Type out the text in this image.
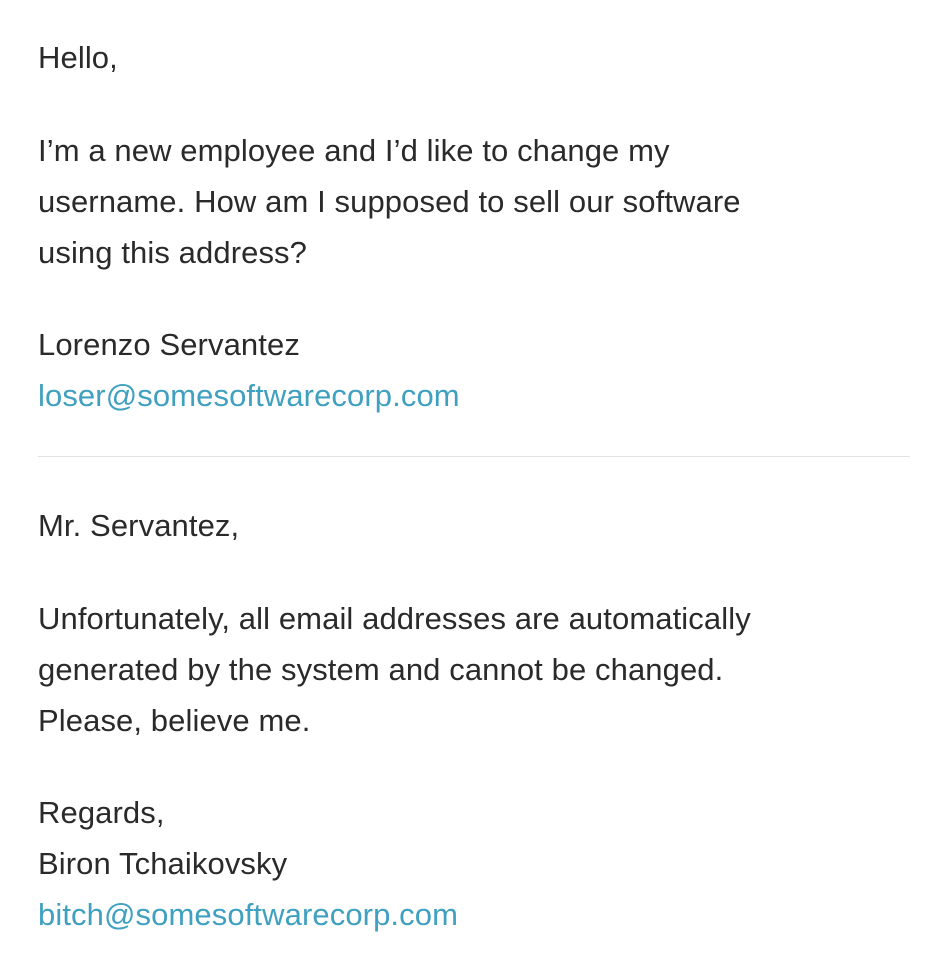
Hello,
I’m a new employee and I’d like to change my
username. How am I supposed to sell our software
using this address?
Lorenzo Servantez
loser@somesoftwarecorp.com
Mr. Servantez,
Unfortunately, all email addresses are automatically
generated by the system and cannot be changed.
Please, believe me.
Regards,
Biron Tchaikovsky
bitch@somesoftwarecorp.com
